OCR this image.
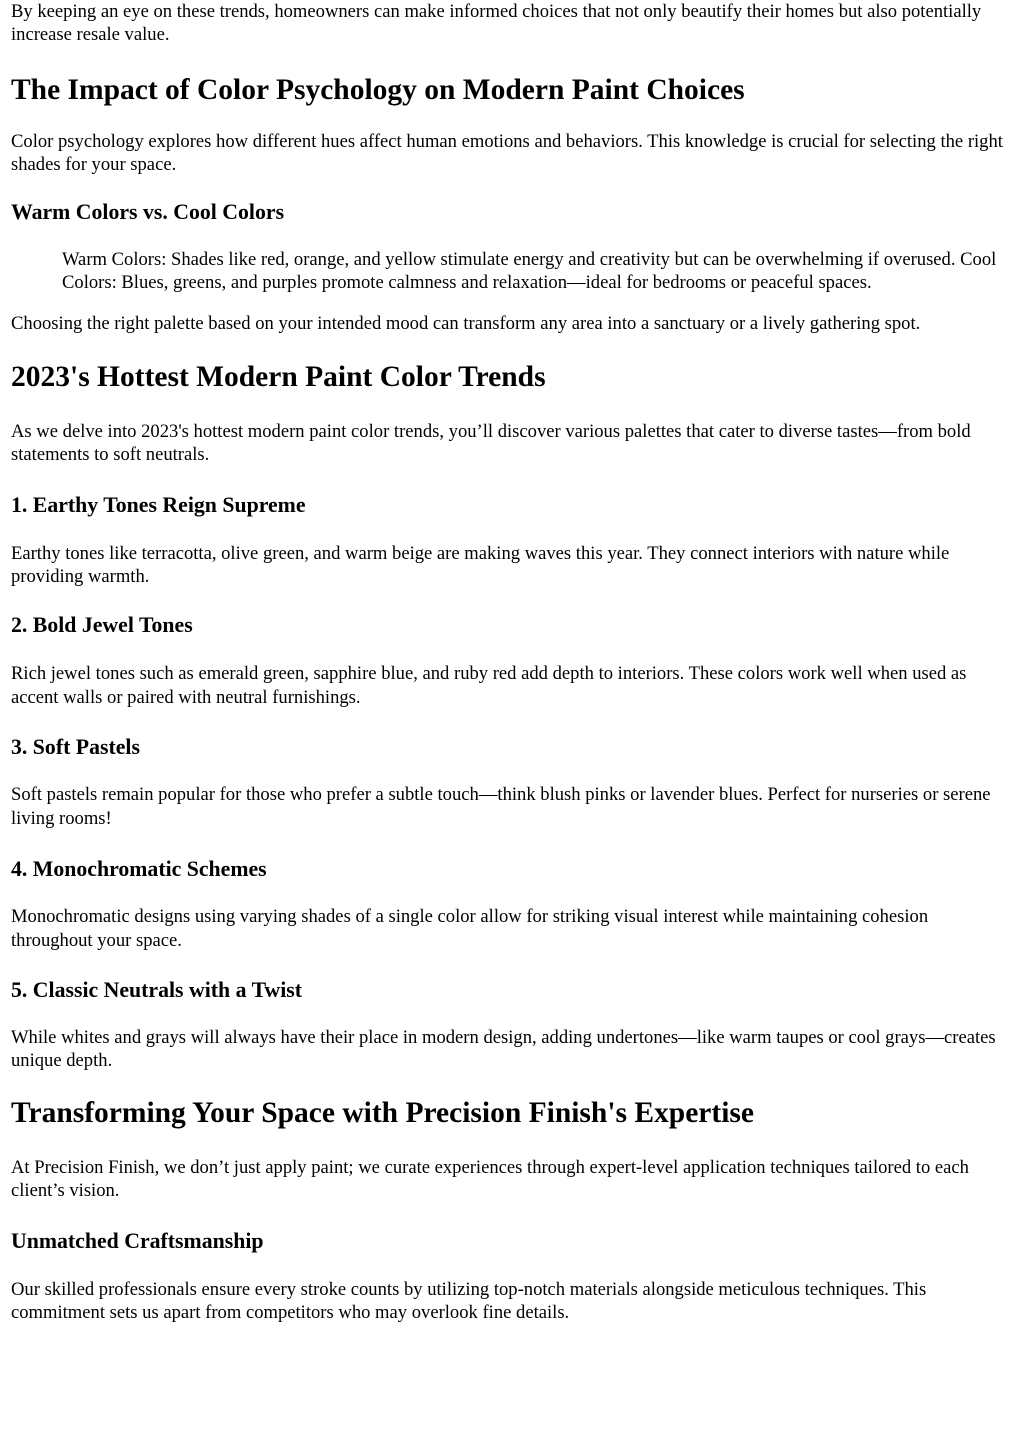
By keeping an eye on these trends, homeowners can make informed choices that not only beautify their homes but also potentially increase resale value.

The Impact of Color Psychology on Modern Paint Choices

Color psychology explores how different hues affect human emotions and behaviors. This knowledge is crucial for selecting the right shades for your space.

Warm Colors vs. Cool Colors
Warm Colors: Shades like red, orange, and yellow stimulate energy and creativity but can be overwhelming if overused. Cool Colors: Blues, greens, and purples promote calmness and relaxation—ideal for bedrooms or peaceful spaces.

Choosing the right palette based on your intended mood can transform any area into a sanctuary or a lively gathering spot.

2023's Hottest Modern Paint Color Trends

As we delve into 2023's hottest modern paint color trends, you’ll discover various palettes that cater to diverse tastes—from bold statements to soft neutrals.

1. Earthy Tones Reign Supreme

Earthy tones like terracotta, olive green, and warm beige are making waves this year. They connect interiors with nature while providing warmth.

2. Bold Jewel Tones

Rich jewel tones such as emerald green, sapphire blue, and ruby red add depth to interiors. These colors work well when used as accent walls or paired with neutral furnishings.

3. Soft Pastels

Soft pastels remain popular for those who prefer a subtle touch—think blush pinks or lavender blues. Perfect for nurseries or serene living rooms!

4. Monochromatic Schemes

Monochromatic designs using varying shades of a single color allow for striking visual interest while maintaining cohesion throughout your space.

5. Classic Neutrals with a Twist

While whites and grays will always have their place in modern design, adding undertones—like warm taupes or cool grays—creates unique depth.

Transforming Your Space with Precision Finish's Expertise

At Precision Finish, we don’t just apply paint; we curate experiences through expert-level application techniques tailored to each client’s vision.

Unmatched Craftsmanship

Our skilled professionals ensure every stroke counts by utilizing top-notch materials alongside meticulous techniques. This commitment sets us apart from competitors who may overlook fine details.
